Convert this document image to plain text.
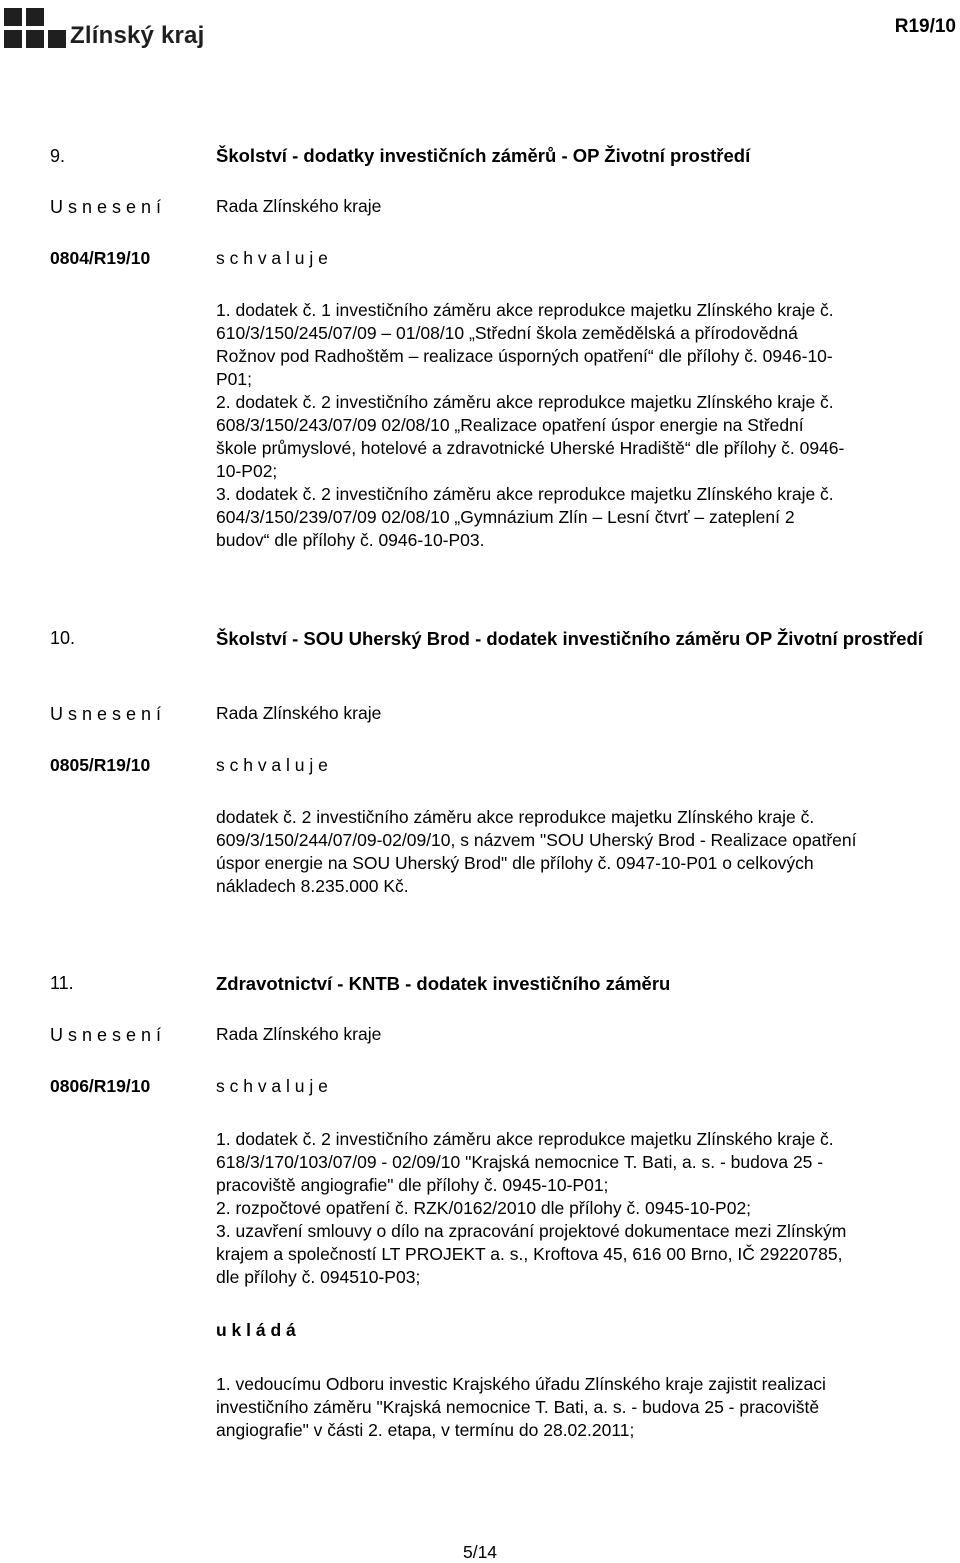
Zlínský kraj	R19/10
9.	Školství - dodatky investičních záměrů - OP Životní prostředí
U s n e s e n í	Rada Zlínského kraje
0804/R19/10	s c h v a l u j e
1. dodatek č. 1 investičního záměru akce reprodukce majetku Zlínského kraje č.
610/3/150/245/07/09 – 01/08/10 „Střední škola zemědělská a přírodovědná
Rožnov pod Radhoštěm – realizace úsporných opatření“ dle přílohy č. 0946-10-
P01;
2. dodatek č. 2 investičního záměru akce reprodukce majetku Zlínského kraje č.
608/3/150/243/07/09 02/08/10 „Realizace opatření úspor energie na Střední
škole průmyslové, hotelové a zdravotnické Uherské Hradiště“ dle přílohy č. 0946-
10-P02;
3. dodatek č. 2 investičního záměru akce reprodukce majetku Zlínského kraje č.
604/3/150/239/07/09 02/08/10 „Gymnázium Zlín – Lesní čtvrť – zateplení 2
budov“ dle přílohy č. 0946-10-P03.
10.	Školství - SOU Uherský Brod - dodatek investičního záměru OP Životní prostředí
U s n e s e n í	Rada Zlínského kraje
0805/R19/10	s c h v a l u j e
dodatek č. 2 investičního záměru akce reprodukce majetku Zlínského kraje č.
609/3/150/244/07/09-02/09/10, s názvem "SOU Uherský Brod - Realizace opatření
úspor energie na SOU Uherský Brod" dle přílohy č. 0947-10-P01 o celkových
nákladech 8.235.000 Kč.
11.	Zdravotnictví - KNTB - dodatek investičního záměru
U s n e s e n í	Rada Zlínského kraje
0806/R19/10	s c h v a l u j e
1. dodatek č. 2 investičního záměru akce reprodukce majetku Zlínského kraje č.
618/3/170/103/07/09 - 02/09/10 "Krajská nemocnice T. Bati, a. s. - budova 25 -
pracoviště angiografie" dle přílohy č. 0945-10-P01;
2. rozpočtové opatření č. RZK/0162/2010 dle přílohy č. 0945-10-P02;
3. uzavření smlouvy o dílo na zpracování projektové dokumentace mezi Zlínským
krajem a společností LT PROJEKT a. s., Kroftova 45, 616 00 Brno, IČ 29220785,
dle přílohy č. 094510-P03;
u k l á d á
1. vedoucímu Odboru investic Krajského úřadu Zlínského kraje zajistit realizaci
investičního záměru "Krajská nemocnice T. Bati, a. s. - budova 25 - pracoviště
angiografie" v části 2. etapa, v termínu do 28.02.2011;
5/14
